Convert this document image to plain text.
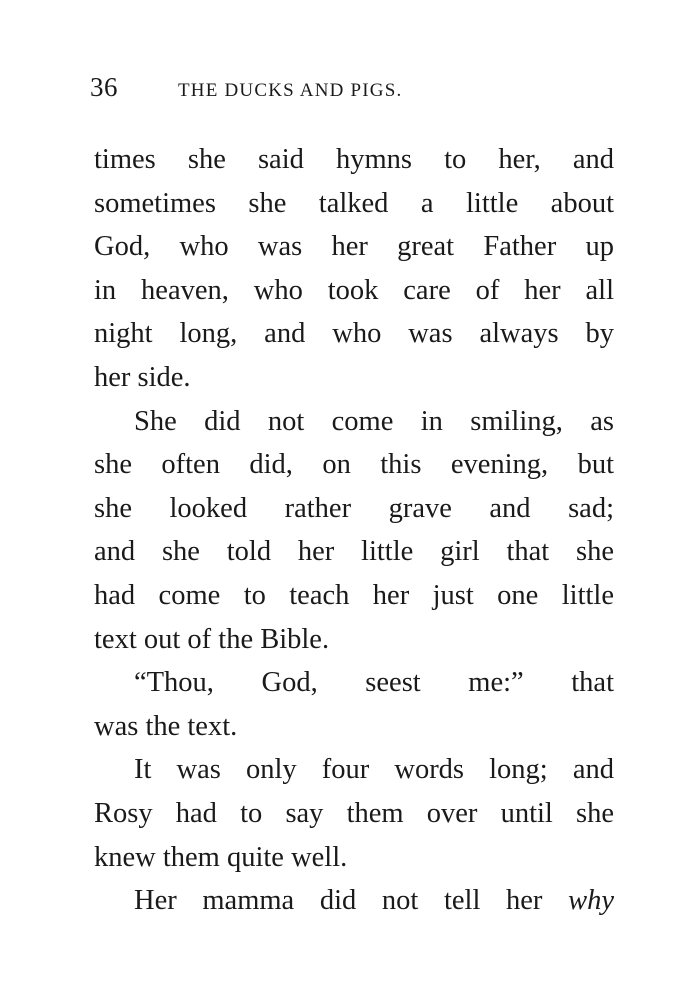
36	THE DUCKS AND PIGS.

times she said hymns to her, and
sometimes she talked a little about
God, who was her great Father up
in heaven, who took care of her all
night long, and who was always by
her side.

She did not come in smiling, as
she often did, on this evening, but
she looked rather grave and sad;
and she told her little girl that she
had come to teach her just one little
text out of the Bible.

“Thou, God, seest me:” that
was the text.

It was only four words long; and
Rosy had to say them over until she
knew them quite well.

Her mamma did not tell her why
